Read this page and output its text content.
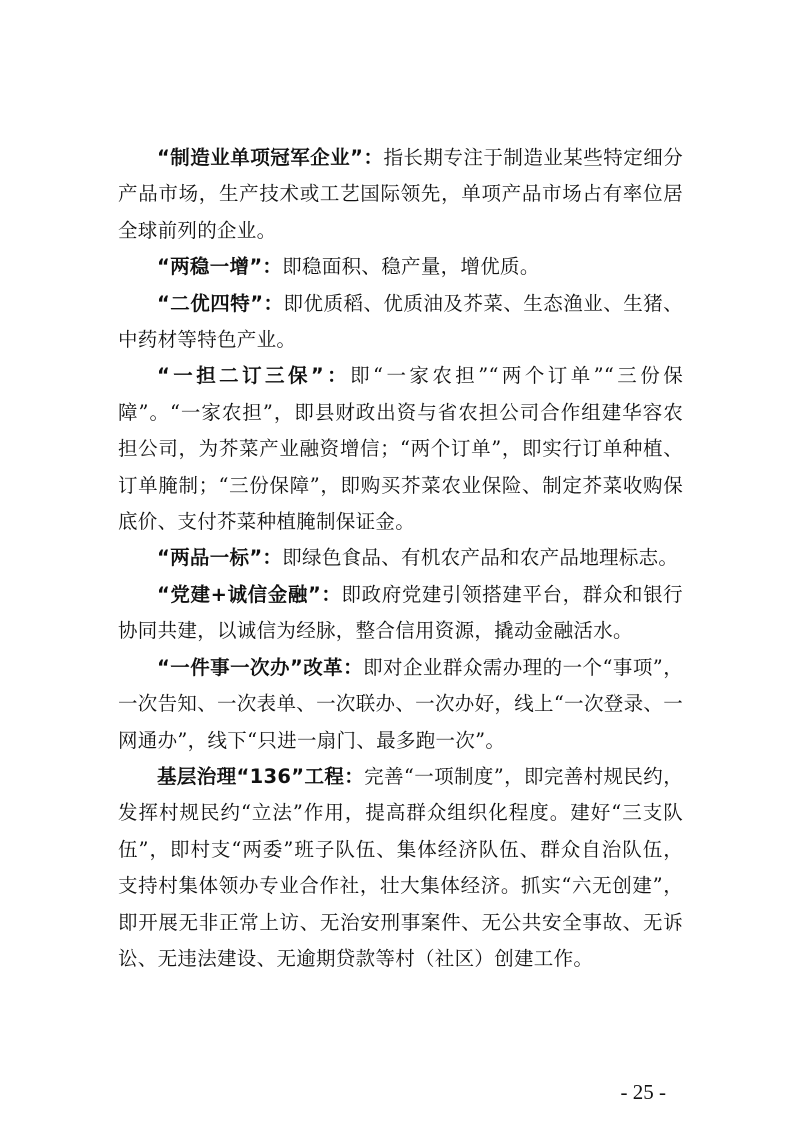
“制造业单项冠军企业”：指长期专注于制造业某些特定细分产品市场，生产技术或工艺国际领先，单项产品市场占有率位居全球前列的企业。

“两稳一增”：即稳面积、稳产量，增优质。

“二优四特”：即优质稻、优质油及芥菜、生态渔业、生猪、中药材等特色产业。

“一担二订三保”：即“一家农担”“两个订单”“三份保障”。“一家农担”，即县财政出资与省农担公司合作组建华容农担公司，为芥菜产业融资增信；“两个订单”，即实行订单种植、订单腌制；“三份保障”，即购买芥菜农业保险、制定芥菜收购保底价、支付芥菜种植腌制保证金。

“两品一标”：即绿色食品、有机农产品和农产品地理标志。

“党建+诚信金融”：即政府党建引领搭建平台，群众和银行协同共建，以诚信为经脉，整合信用资源，撬动金融活水。

“一件事一次办”改革：即对企业群众需办理的一个“事项”，一次告知、一次表单、一次联办、一次办好，线上“一次登录、一网通办”，线下“只进一扇门、最多跑一次”。

基层治理“136”工程：完善“一项制度”，即完善村规民约，发挥村规民约“立法”作用，提高群众组织化程度。建好“三支队伍”，即村支“两委”班子队伍、集体经济队伍、群众自治队伍，支持村集体领办专业合作社，壮大集体经济。抓实“六无创建”，即开展无非正常上访、无治安刑事案件、无公共安全事故、无诉讼、无违法建设、无逾期贷款等村（社区）创建工作。

- 25 -
